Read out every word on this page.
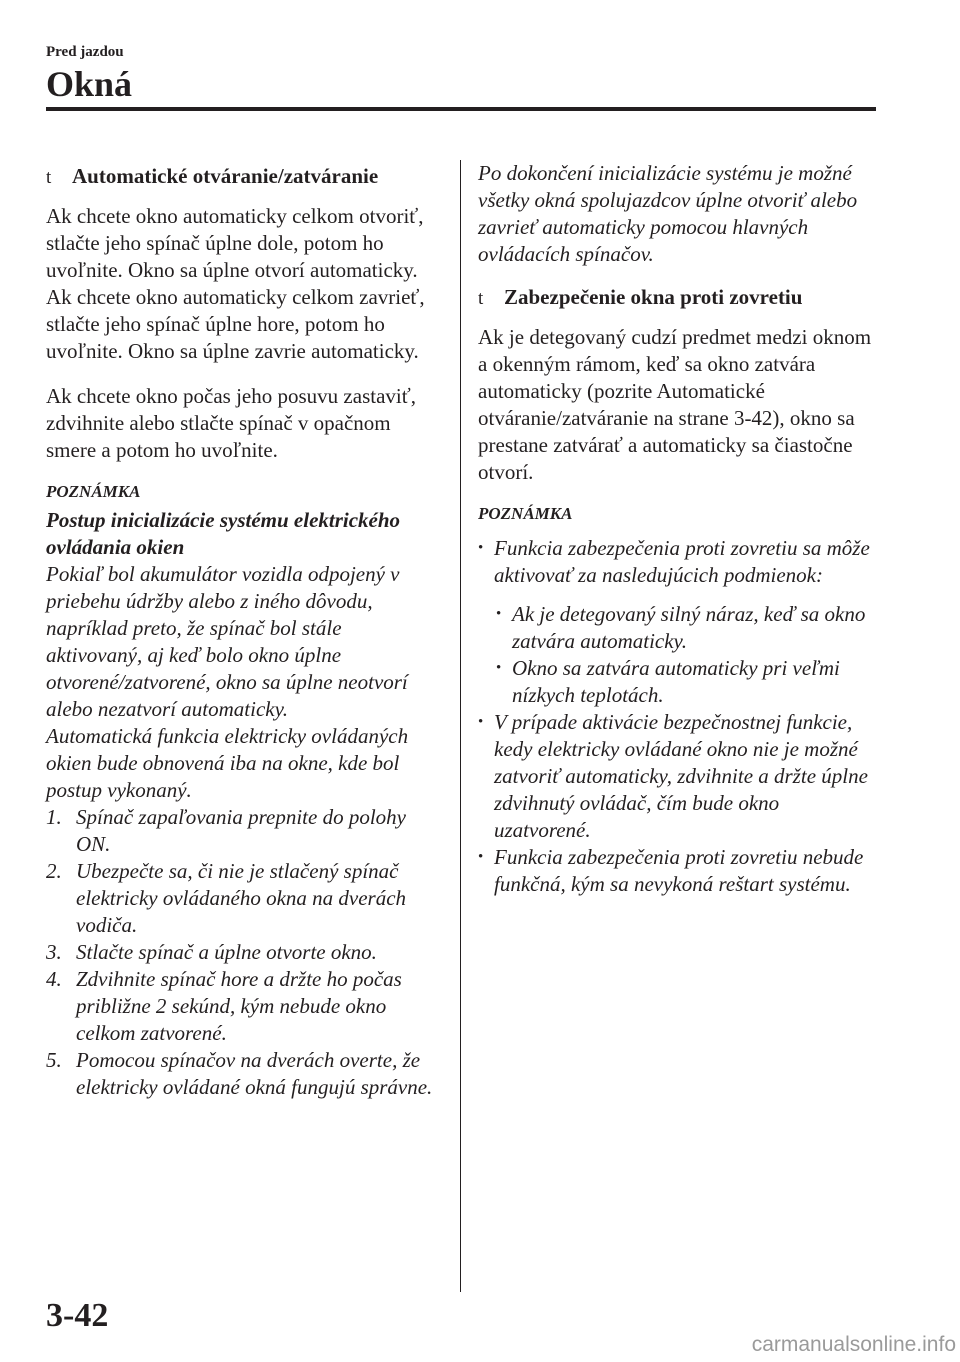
Pred jazdou
Okná
t Automatické otváranie/zatváranie
Ak chcete okno automaticky celkom otvoriť, stlačte jeho spínač úplne dole, potom ho uvoľnite. Okno sa úplne otvorí automaticky.
Ak chcete okno automaticky celkom zavrieť, stlačte jeho spínač úplne hore, potom ho uvoľnite. Okno sa úplne zavrie automaticky.
Ak chcete okno počas jeho posuvu zastaviť, zdvihnite alebo stlačte spínač v opačnom smere a potom ho uvoľnite.
POZNÁMKA
Postup inicializácie systému elektrického ovládania okien
Pokiaľ bol akumulátor vozidla odpojený v priebehu údržby alebo z iného dôvodu, napríklad preto, že spínač bol stále aktivovaný, aj keď bolo okno úplne otvorené/zatvorené, okno sa úplne neotvorí alebo nezatvorí automaticky.
Automatická funkcia elektricky ovládaných okien bude obnovená iba na okne, kde bol postup vykonaný.
1. Spínač zapaľovania prepnite do polohy ON.
2. Ubezpečte sa, či nie je stlačený spínač elektricky ovládaného okna na dverách vodiča.
3. Stlačte spínač a úplne otvorte okno.
4. Zdvihnite spínač hore a držte ho počas približne 2 sekúnd, kým nebude okno celkom zatvorené.
5. Pomocou spínačov na dverách overte, že elektricky ovládané okná fungujú správne.
Po dokončení inicializácie systému je možné všetky okná spolujazdcov úplne otvoriť alebo zavrieť automaticky pomocou hlavných ovládacích spínačov.
t Zabezpečenie okna proti zovretiu
Ak je detegovaný cudzí predmet medzi oknom a okenným rámom, keď sa okno zatvára automaticky (pozrite Automatické otváranie/zatváranie na strane 3-42), okno sa prestane zatvárať a automaticky sa čiastočne otvorí.
POZNÁMKA
• Funkcia zabezpečenia proti zovretiu sa môže aktivovať za nasledujúcich podmienok:
• Ak je detegovaný silný náraz, keď sa okno zatvára automaticky.
• Okno sa zatvára automaticky pri veľmi nízkych teplotách.
• V prípade aktivácie bezpečnostnej funkcie, kedy elektricky ovládané okno nie je možné zatvoriť automaticky, zdvihnite a držte úplne zdvihnutý ovládač, čím bude okno uzatvorené.
• Funkcia zabezpečenia proti zovretiu nebude funkčná, kým sa nevykoná reštart systému.
3-42
carmanualsonline.info
